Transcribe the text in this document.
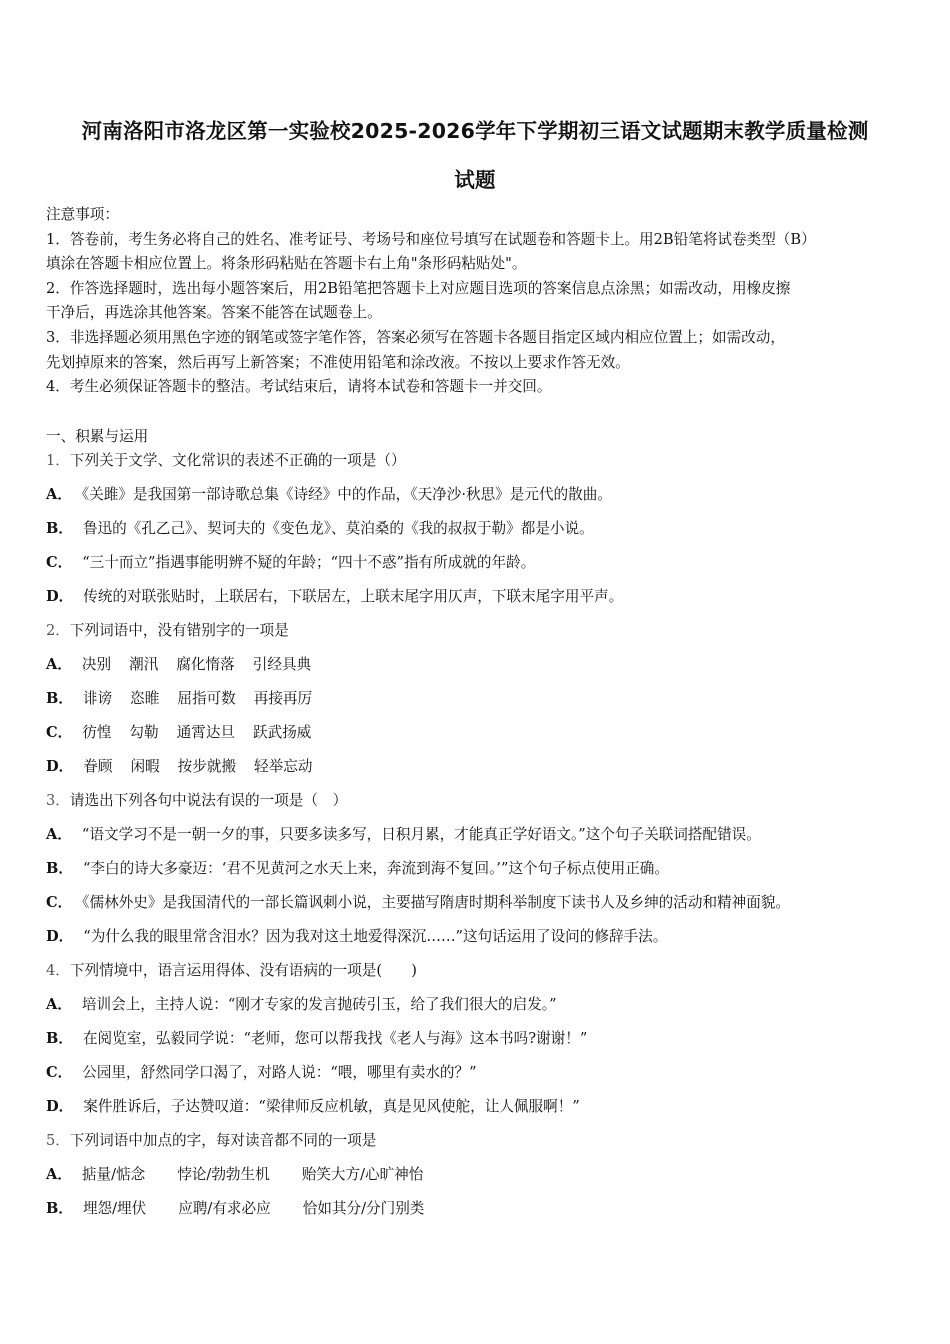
河南洛阳市洛龙区第一实验校2025-2026学年下学期初三语文试题期末教学质量检测
试题

注意事项：

1．答卷前，考生务必将自己的姓名、准考证号、考场号和座位号填写在试题卷和答题卡上。用2B铅笔将试卷类型（B）

填涂在答题卡相应位置上。将条形码粘贴在答题卡右上角"条形码粘贴处"。

2．作答选择题时，选出每小题答案后，用2B铅笔把答题卡上对应题目选项的答案信息点涂黑；如需改动，用橡皮擦

干净后，再选涂其他答案。答案不能答在试题卷上。

3．非选择题必须用黑色字迹的钢笔或签字笔作答，答案必须写在答题卡各题目指定区域内相应位置上；如需改动，

先划掉原来的答案，然后再写上新答案；不准使用铅笔和涂改液。不按以上要求作答无效。

4．考生必须保证答题卡的整洁。考试结束后，请将本试卷和答题卡一并交回。

一、积累与运用
1．下列关于文学、文化常识的表述不正确的一项是（）
A． 《关雎》是我国第一部诗歌总集《诗经》中的作品，《天净沙·秋思》是元代的散曲。
B． 鲁迅的《孔乙己》、契诃夫的《变色龙》、莫泊桑的《我的叔叔于勒》都是小说。
C． “三十而立”指遇事能明辨不疑的年龄；“四十不惑”指有所成就的年龄。
D． 传统的对联张贴时，上联居右，下联居左，上联末尾字用仄声，下联末尾字用平声。
2．下列词语中，没有错别字的一项是
A． 决别 潮汛 腐化惰落 引经具典
B． 诽谤 恣睢 屈指可数 再接再厉
C． 彷惶 勾勒 通霄达旦 跃武扬威
D． 眷顾 闲暇 按步就搬 轻举忘动
3．请选出下列各句中说法有误的一项是（　）
A． “语文学习不是一朝一夕的事，只要多读多写，日积月累，才能真正学好语文。”这个句子关联词搭配错误。
B． “李白的诗大多豪迈：‘君不见黄河之水天上来，奔流到海不复回。’”这个句子标点使用正确。
C． 《儒林外史》是我国清代的一部长篇讽刺小说，主要描写隋唐时期科举制度下读书人及乡绅的活动和精神面貌。
D． “为什么我的眼里常含泪水？因为我对这土地爱得深沉……”这句话运用了设问的修辞手法。
4．下列情境中，语言运用得体、没有语病的一项是(　　)
A． 培训会上，主持人说：“刚才专家的发言抛砖引玉，给了我们很大的启发。”
B． 在阅览室，弘毅同学说：“老师，您可以帮我找《老人与海》这本书吗?谢谢！”
C． 公园里，舒然同学口渴了，对路人说：“喂，哪里有卖水的？”
D． 案件胜诉后，子达赞叹道：“梁律师反应机敏，真是见风使舵，让人佩服啊！”
5．下列词语中加点的字，每对读音都不同的一项是
A． 掂量/惦念 悖论/勃勃生机 贻笑大方/心旷神怡
B． 埋怨/埋伏 应聘/有求必应 恰如其分/分门别类
